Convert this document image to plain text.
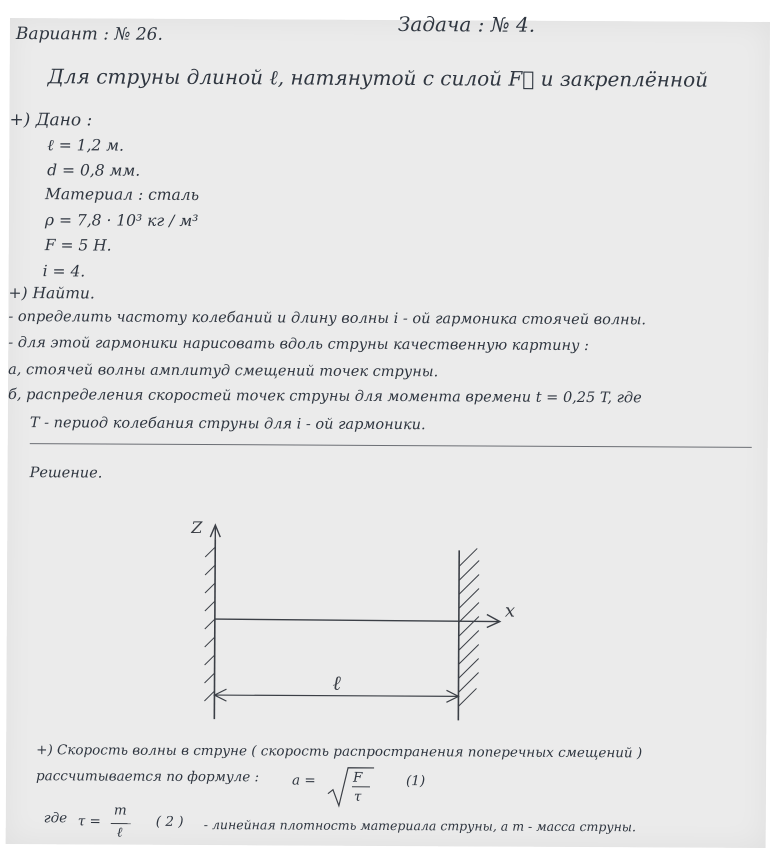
Вариант : № 26.	Задача : № 4.
Для струны длиной ℓ, натянутой с силой F⃗ и закреплённой
+) Дано :
ℓ = 1,2 м.
d = 0,8 мм.
Материал : сталь
ρ = 7,8 · 10³ кг / м³
F = 5 Н.
i = 4.
+) Найти.
- определить частоту колебаний и длину волны i - ой гармоника стоячей волны.
- для этой гармоники нарисовать вдоль струны качественную картину :
а, стоячей волны амплитуд смещений точек струны.
б, распределения скоростей точек струны для момента времени t = 0,25 T, где
T - период колебания струны для i - ой гармоники.
Решение.
Z
x
ℓ
+) Скорость волны в струне ( скорость распространения поперечных смещений )
рассчитывается по формуле : a =	F
τ
(1)
где τ =
m
ℓ
( 2 ) - линейная плотность материала струны, а m - масса струны.
